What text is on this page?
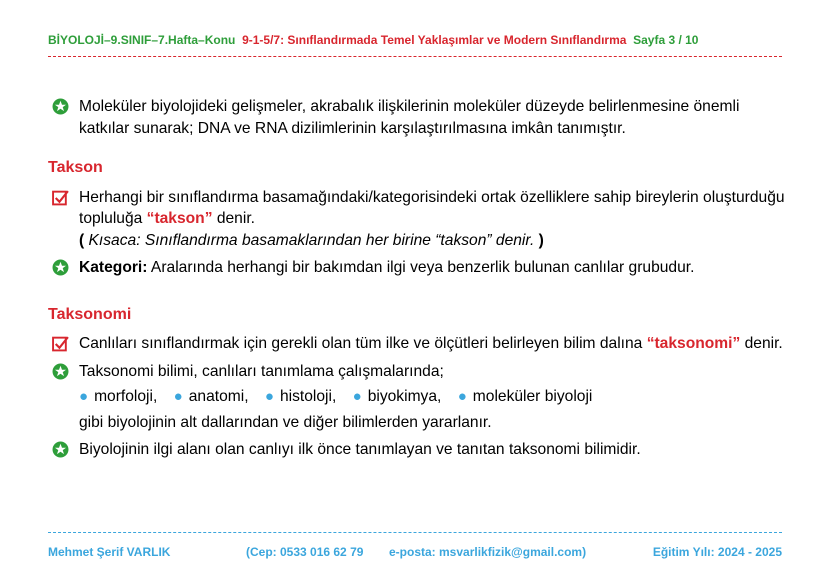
BİYOLOJİ–9.SINIF–7.Hafta–Konu 9-1-5/7: Sınıflandırmada Temel Yaklaşımlar ve Modern Sınıflandırma Sayfa 3 / 10
Moleküler biyolojideki gelişmeler, akrabalık ilişkilerinin moleküler düzeyde belirlenmesine önemli katkılar sunarak; DNA ve RNA dizilimlerinin karşılaştırılmasına imkân tanımıştır.
Takson
Herhangi bir sınıflandırma basamağındaki/kategorisindeki ortak özelliklere sahip bireylerin oluşturduğu topluluğa “takson” denir.
( Kısaca: Sınıflandırma basamaklarından her birine “takson” denir. )
Kategori: Aralarında herhangi bir bakımdan ilgi veya benzerlik bulunan canlılar grubudur.
Taksonomi
Canlıları sınıflandırmak için gerekli olan tüm ilke ve ölçütleri belirleyen bilim dalına “taksonomi” denir.
Taksonomi bilimi, canlıları tanımlama çalışmalarında;
● morfoloji, ● anatomi, ● histoloji, ● biyokimya, ● moleküler biyoloji
gibi biyolojinin alt dallarından ve diğer bilimlerden yararlanır.
Biyolojinin ilgi alanı olan canlıyı ilk önce tanımlayan ve tanıtan taksonomi bilimidir.
Mehmet Şerif VARLIK	(Cep: 0533 016 62 79 e-posta: msvarlikfizik@gmail.com)	Eğitim Yılı: 2024 - 2025
